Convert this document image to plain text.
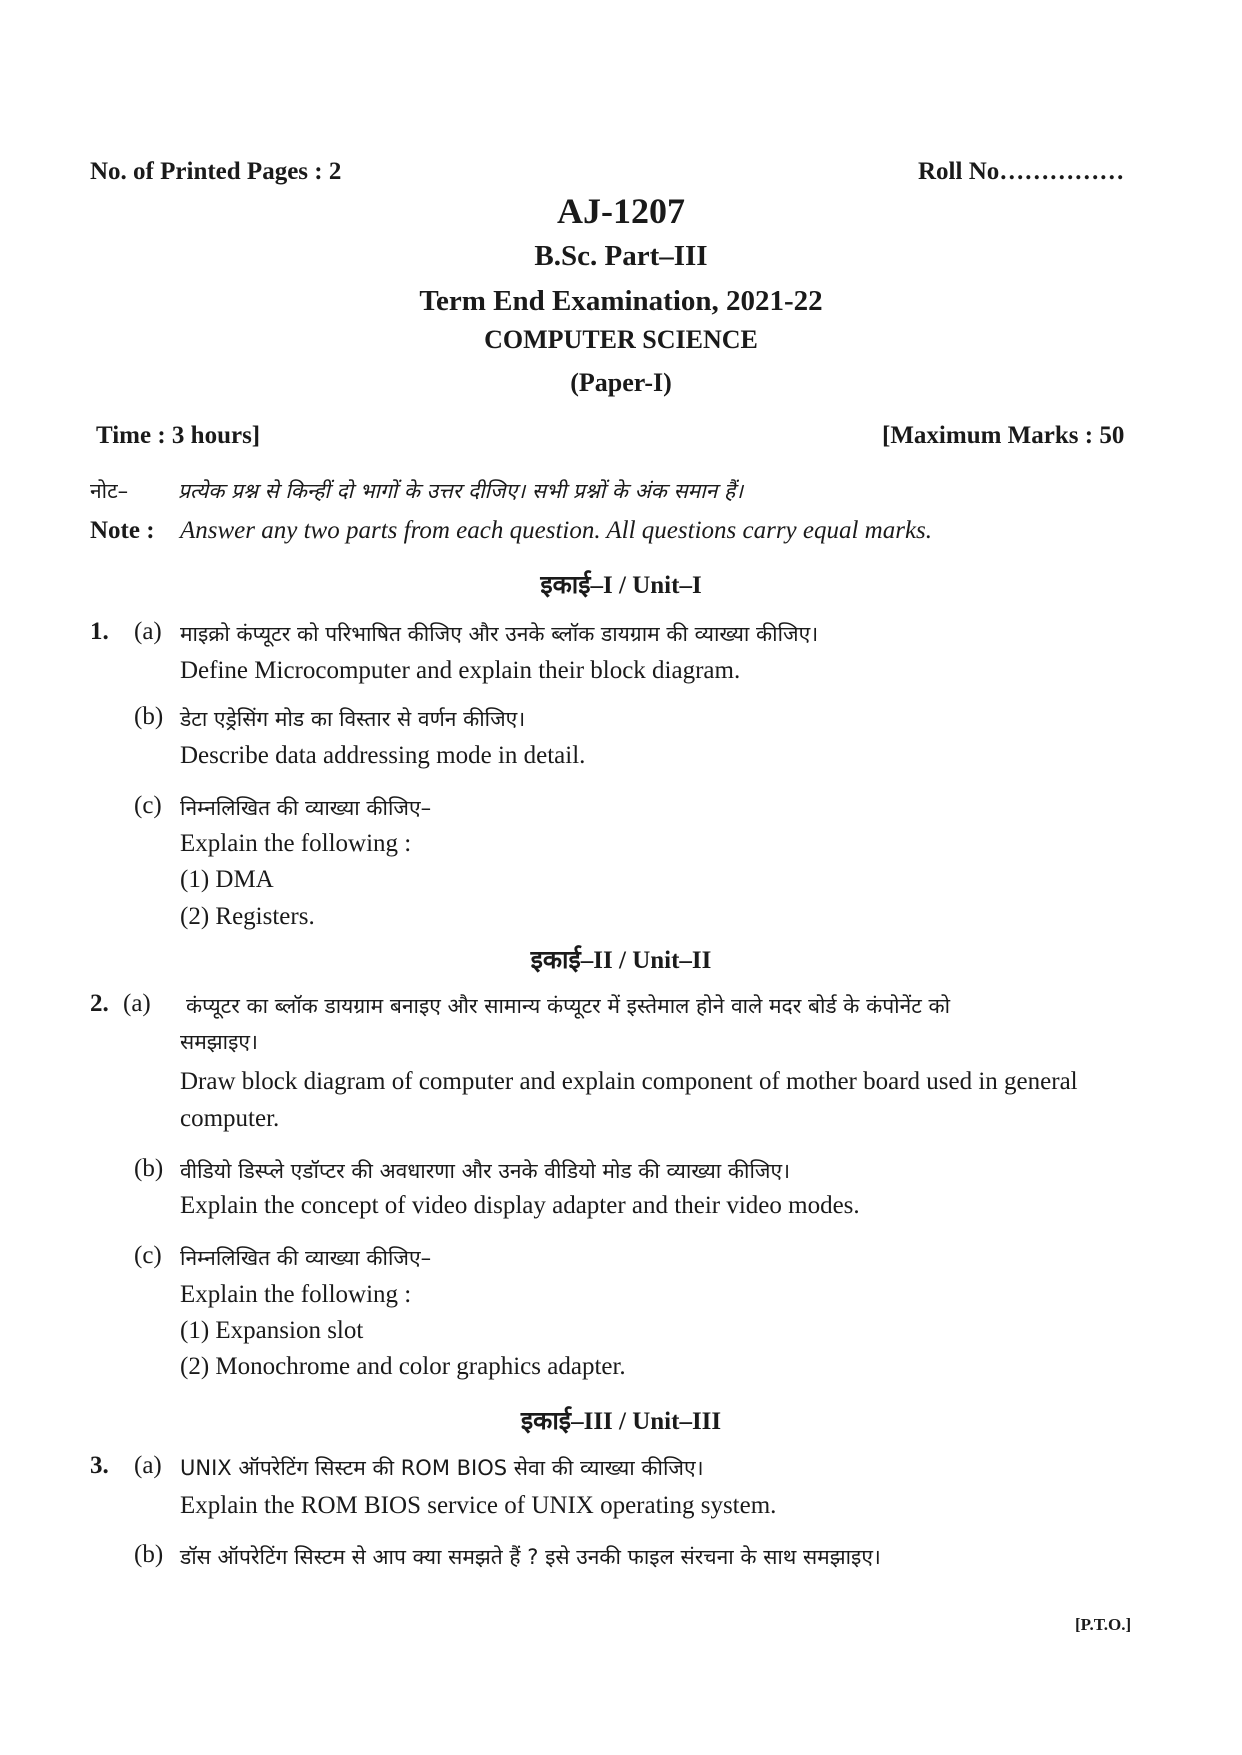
No. of Printed Pages : 2	Roll No……………
AJ-1207
B.Sc. Part–III
Term End Examination, 2021-22
COMPUTER SCIENCE
(Paper-I)
Time : 3 hours]	[Maximum Marks : 50
नोट– प्रत्येक प्रश्न से किन्हीं दो भागों के उत्तर दीजिए। सभी प्रश्नों के अंक समान हैं।
Note : Answer any two parts from each question. All questions carry equal marks.
इकाई–I / Unit–I
1. (a) माइक्रो कंप्यूटर को परिभाषित कीजिए और उनके ब्लॉक डायग्राम की व्याख्या कीजिए।
Define Microcomputer and explain their block diagram.
(b) डेटा एड्रेसिंग मोड का विस्तार से वर्णन कीजिए।
Describe data addressing mode in detail.
(c) निम्नलिखित की व्याख्या कीजिए–
Explain the following :
(1) DMA
(2) Registers.
इकाई–II / Unit–II
2. (a) कंप्यूटर का ब्लॉक डायग्राम बनाइए और सामान्य कंप्यूटर में इस्तेमाल होने वाले मदर बोर्ड के कंपोनेंट को
समझाइए।
Draw block diagram of computer and explain component of mother board used in general
computer.
(b) वीडियो डिस्प्ले एडॉप्टर की अवधारणा और उनके वीडियो मोड की व्याख्या कीजिए।
Explain the concept of video display adapter and their video modes.
(c) निम्नलिखित की व्याख्या कीजिए–
Explain the following :
(1) Expansion slot
(2) Monochrome and color graphics adapter.
इकाई–III / Unit–III
3. (a) UNIX ऑपरेटिंग सिस्टम की ROM BIOS सेवा की व्याख्या कीजिए।
Explain the ROM BIOS service of UNIX operating system.
(b) डॉस ऑपरेटिंग सिस्टम से आप क्या समझते हैं ? इसे उनकी फाइल संरचना के साथ समझाइए।
[P.T.O.]
